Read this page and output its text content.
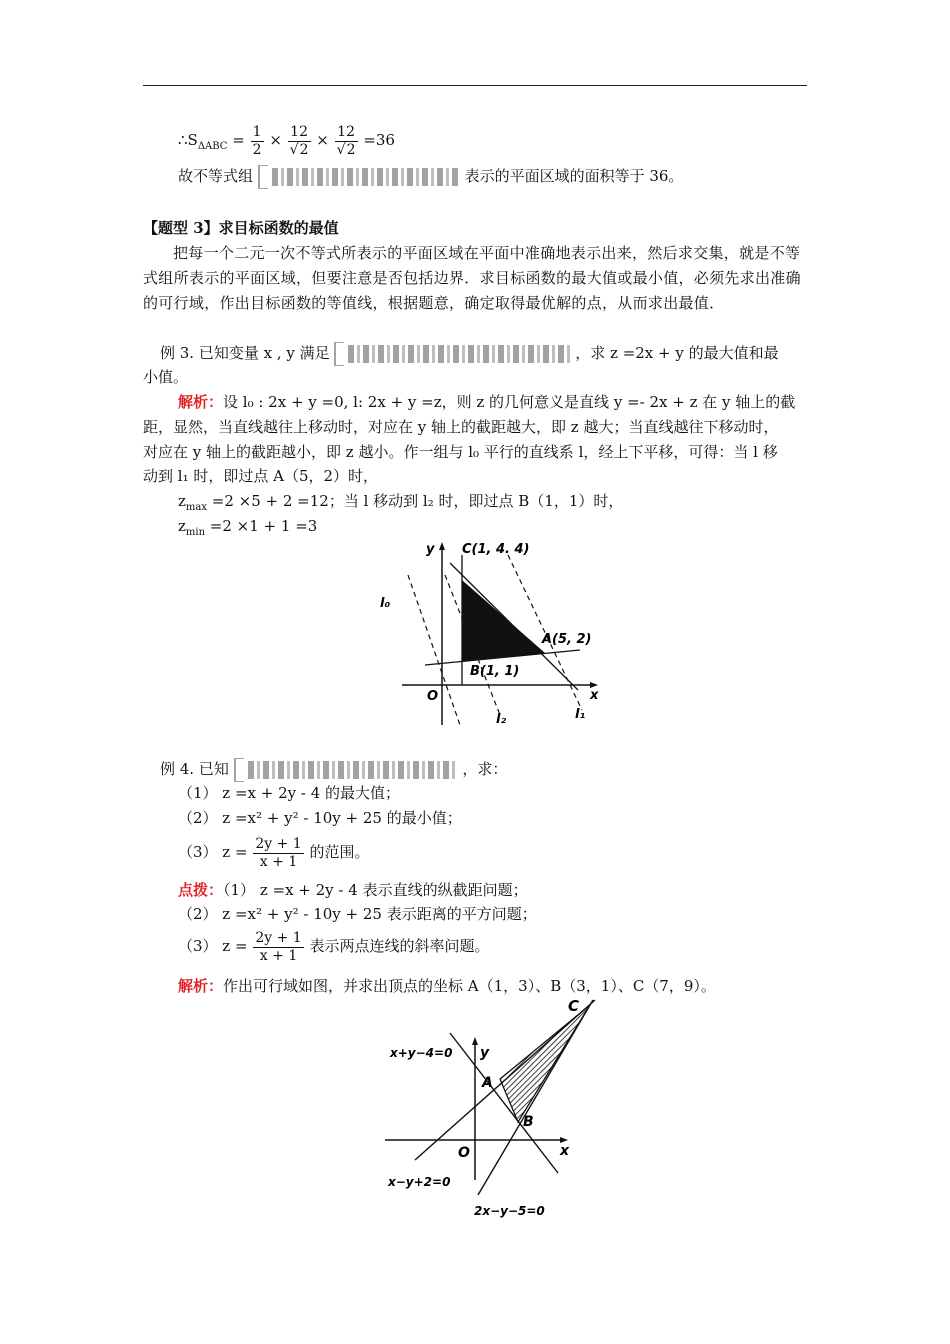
$\therefore S_{\Delta ABC} = \frac{1}{2} \times \frac{12}{√2} \times \frac{12}{√2} =36$
故不等式组	表示的平面区域的面积等于 36。
【题型 3】求目标函数的最值
把每一个二元一次不等式所表示的平面区域在平面中准确地表示出来，然后求交集，就是不等式组所表示的平面区域，但要注意是否包括边界．求目标函数的最大值或最小值，必须先求出准确的可行域，作出目标函数的等值线，根据题意，确定取得最优解的点，从而求出最值．
例 3. 已知变量 x , y 满足	，求 z =2x + y 的最大值和最
小值。
解析：设 l₀ : 2x + y =0, l: 2x + y =z，则 z 的几何意义是直线 y =- 2x + z 在 y 轴上的截
距，显然，当直线越往上移动时，对应在 y 轴上的截距越大，即 z 越大；当直线越往下移动时，
对应在 y 轴上的截距越小，即 z 越小。作一组与 l₀ 平行的直线系 l，经上下平移，可得：当 l 移
动到 l₁ 时，即过点 A（5，2）时，
$z_{max} =2 \times 5 + 2 =12$；当 l 移动到 l₂ 时，即过点 B（1，1）时，
$z_{min} =2 \times 1 + 1 =3$
C(1, 4. 4)
A(5, 2)
B(1, 1)
O	x
y
l₀
l₂	l₁
例 4. 已知	，求：
（1） z =x + 2y - 4 的最大值；
（2） z =x² + y² - 10y + 25 的最小值；
（3） $z = \frac{2y + 1}{x + 1}$ 的范围。
点拨：（1） z =x + 2y - 4 表示直线的纵截距问题；
（2） z =x² + y² - 10y + 25 表示距离的平方问题；
（3） $z = \frac{2y + 1}{x + 1}$ 表示两点连线的斜率问题。
解析：作出可行域如图，并求出顶点的坐标 A（1，3）、B（3，1）、C（7，9）。
C
A
B
O	x
y
x+y−4=0
x−y+2=0
2x−y−5=0
